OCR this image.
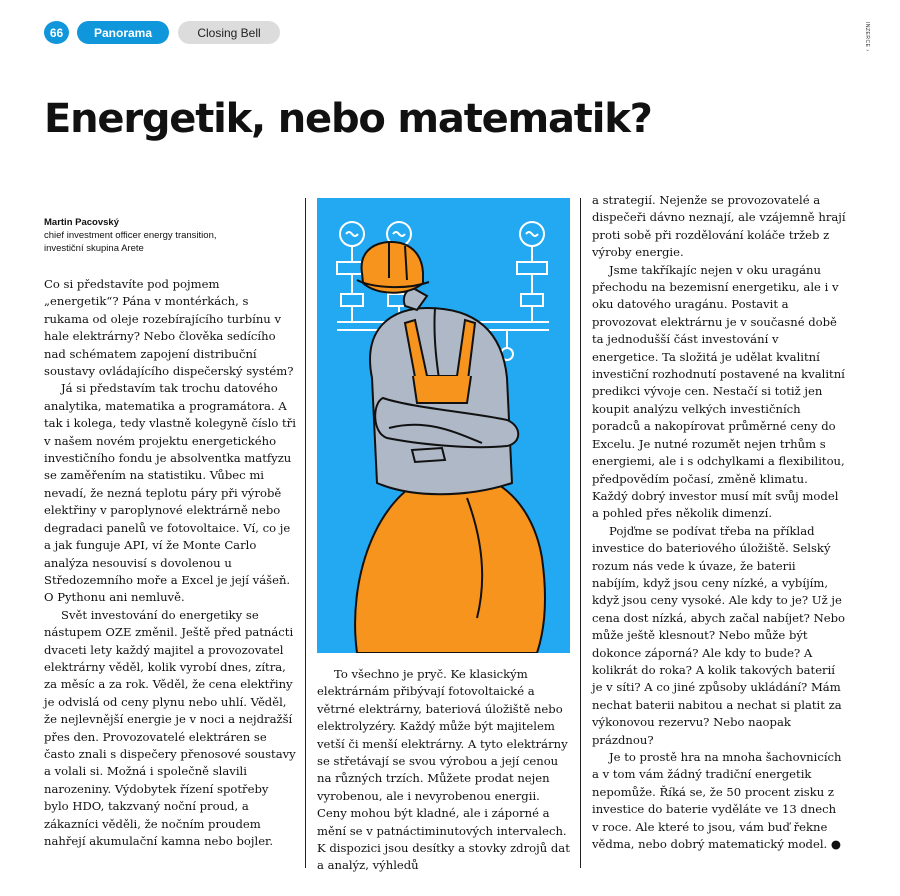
66	Panorama	Closing Bell	INZERCE ›
Energetik, nebo matematik?
Martin Pacovský
chief investment officer energy transition,
investiční skupina Arete

Co si představíte pod pojmem „energetik“? Pána v montérkách, s rukama od oleje rozebírajícího turbínu v hale elektrárny? Nebo člověka sedícího nad schématem zapojení distribuční soustavy ovládajícího dispečerský systém?

Já si představím tak trochu datového analytika, matematika a programátora. A tak i kolega, tedy vlastně kolegyně číslo tři v našem novém projektu energetického investičního fondu je absolventka matfyzu se zaměřením na statistiku. Vůbec mi nevadí, že nezná teplotu páry při výrobě elektřiny v paroplynové elektrárně nebo degradaci panelů ve fotovoltaice. Ví, co je a jak funguje API, ví že Monte Carlo analýza nesouvisí s dovolenou u Středozemního moře a Excel je její vášeň. O Pythonu ani nemluvě.

Svět investování do energetiky se nástupem OZE změnil. Ještě před patnácti dvaceti lety každý majitel a provozovatel elektrárny věděl, kolik vyrobí dnes, zítra, za měsíc a za rok. Věděl, že cena elektřiny je odvislá od ceny plynu nebo uhlí. Věděl, že nejlevnější energie je v noci a nejdražší přes den. Provozovatelé elektráren se často znali s dispečery přenosové soustavy a volali si. Možná i společně slavili narozeniny. Výdobytek řízení spotřeby bylo HDO, takzvaný noční proud, a zákazníci věděli, že nočním proudem nahřejí akumulační kamna nebo bojler.

To všechno je pryč. Ke klasickým elektrárnám přibývají fotovoltaické a větrné elektrárny, bateriová úložiště nebo elektrolyzéry. Každý může být majitelem vetší či menší elektrárny. A tyto elektrárny se střetávají se svou výrobou a její cenou na různých trzích. Můžete prodat nejen vyrobenou, ale i nevyrobenou energii. Ceny mohou být kladné, ale i záporné a mění se v patnáctiminutových intervalech. K dispozici jsou desítky a stovky zdrojů dat a analýz, výhledů

a strategií. Nejenže se provozovatelé a dispečeři dávno neznají, ale vzájemně hrají proti sobě při rozdělování koláče tržeb z výroby energie.

Jsme takříkajíc nejen v oku uragánu přechodu na bezemisní energetiku, ale i v oku datového uragánu. Postavit a provozovat elektrárnu je v současné době ta jednodušší část investování v energetice. Ta složitá je udělat kvalitní investiční rozhodnutí postavené na kvalitní predikci vývoje cen. Nestačí si totiž jen koupit analýzu velkých investičních poradců a nakopírovat průměrné ceny do Excelu. Je nutné rozumět nejen trhům s energiemi, ale i s odchylkami a flexibilitou, předpovědím počasí, změně klimatu. Každý dobrý investor musí mít svůj model a pohled přes několik dimenzí.

Pojďme se podívat třeba na příklad investice do bateriového úložiště. Selský rozum nás vede k úvaze, že baterii nabíjím, když jsou ceny nízké, a vybíjím, když jsou ceny vysoké. Ale kdy to je? Už je cena dost nízká, abych začal nabíjet? Nebo může ještě klesnout? Nebo může být dokonce záporná? Ale kdy to bude? A kolikrát do roka? A kolik takových baterií je v síti? A co jiné způsoby ukládání? Mám nechat baterii nabitou a nechat si platit za výkonovou rezervu? Nebo naopak prázdnou?

Je to prostě hra na mnoha šachovnicích a v tom vám žádný tradiční energetik nepomůže. Říká se, že 50 procent zisku z investice do baterie vyděláte ve 13 dnech v roce. Ale které to jsou, vám buď řekne vědma, nebo dobrý matematický model. ●
